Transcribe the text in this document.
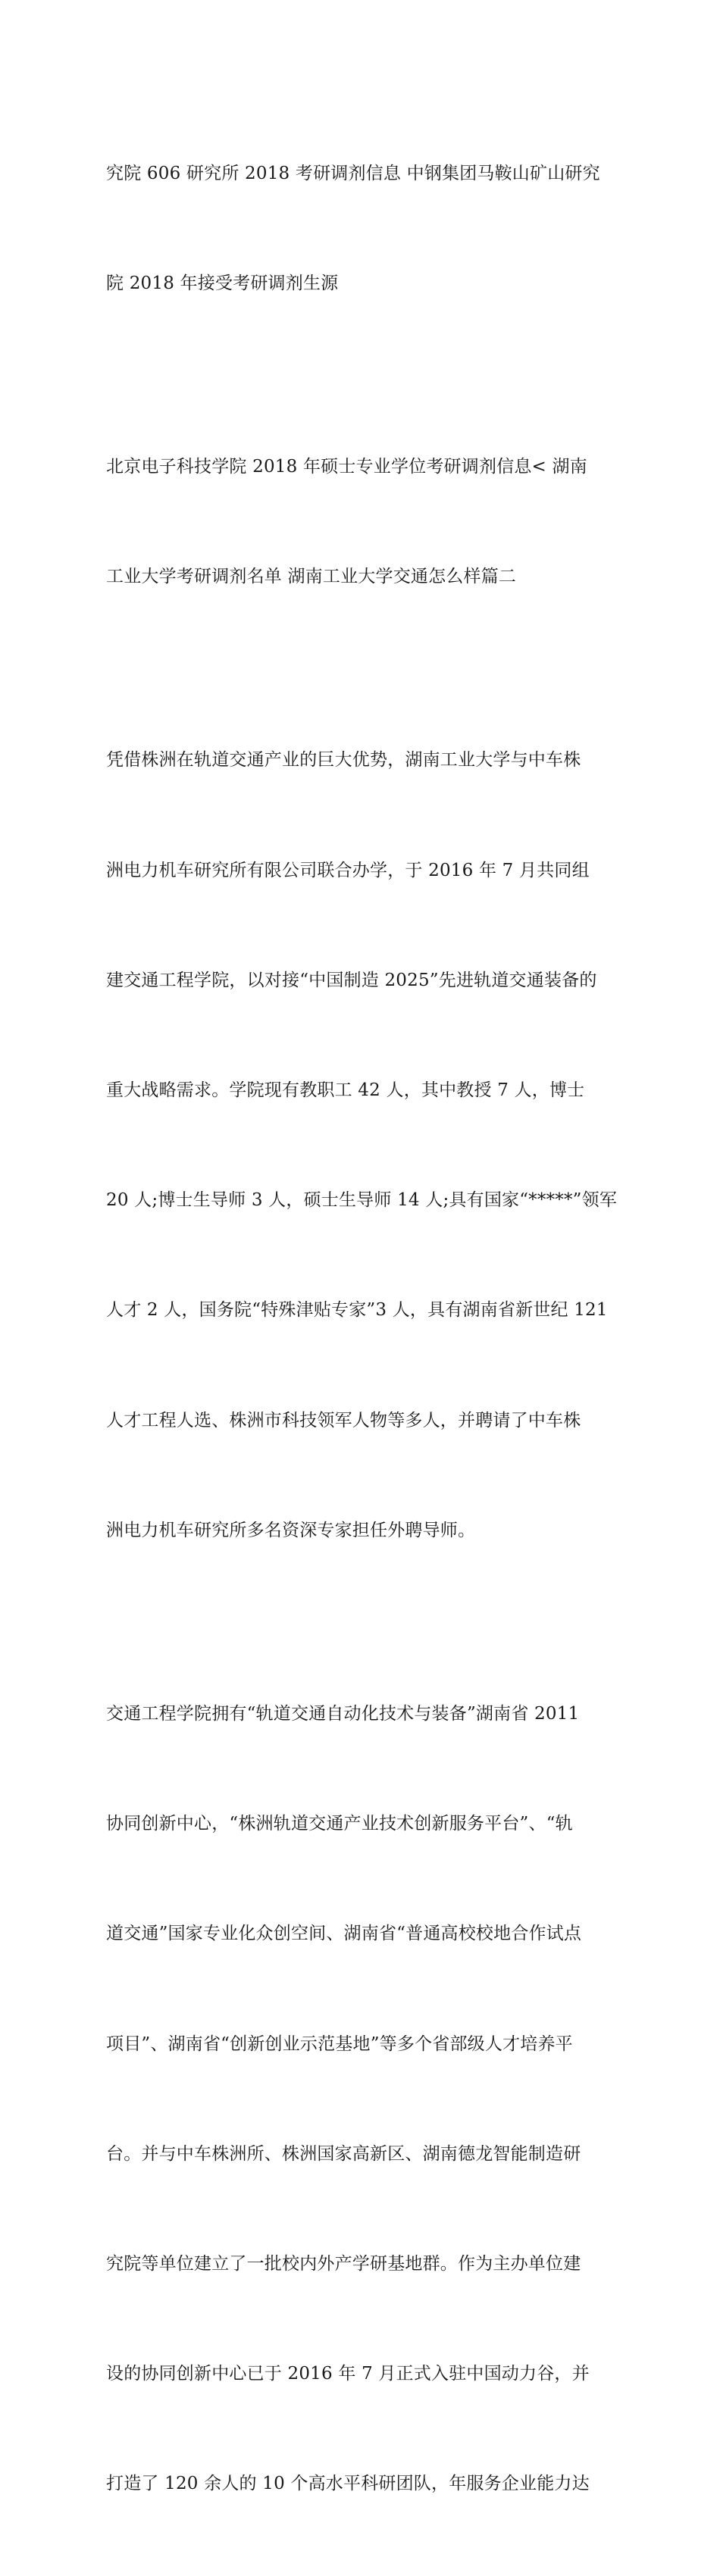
究院 606 研究所 2018 考研调剂信息 中钢集团马鞍山矿山研究

院 2018 年接受考研调剂生源

北京电子科技学院 2018 年硕士专业学位考研调剂信息< 湖南

工业大学考研调剂名单 湖南工业大学交通怎么样篇二

凭借株洲在轨道交通产业的巨大优势，湖南工业大学与中车株

洲电力机车研究所有限公司联合办学，于 2016 年 7 月共同组

建交通工程学院，以对接“中国制造 2025”先进轨道交通装备的

重大战略需求。学院现有教职工 42 人，其中教授 7 人，博士

20 人;博士生导师 3 人，硕士生导师 14 人;具有国家“*****”领军

人才 2 人，国务院“特殊津贴专家”3 人，具有湖南省新世纪 121

人才工程人选、株洲市科技领军人物等多人，并聘请了中车株

洲电力机车研究所多名资深专家担任外聘导师。

交通工程学院拥有“轨道交通自动化技术与装备”湖南省 2011

协同创新中心，“株洲轨道交通产业技术创新服务平台”、“轨

道交通”国家专业化众创空间、湖南省“普通高校校地合作试点

项目”、湖南省“创新创业示范基地”等多个省部级人才培养平

台。并与中车株洲所、株洲国家高新区、湖南德龙智能制造研

究院等单位建立了一批校内外产学研基地群。作为主办单位建

设的协同创新中心已于 2016 年 7 月正式入驻中国动力谷，并

打造了 120 余人的 10 个高水平科研团队，年服务企业能力达
